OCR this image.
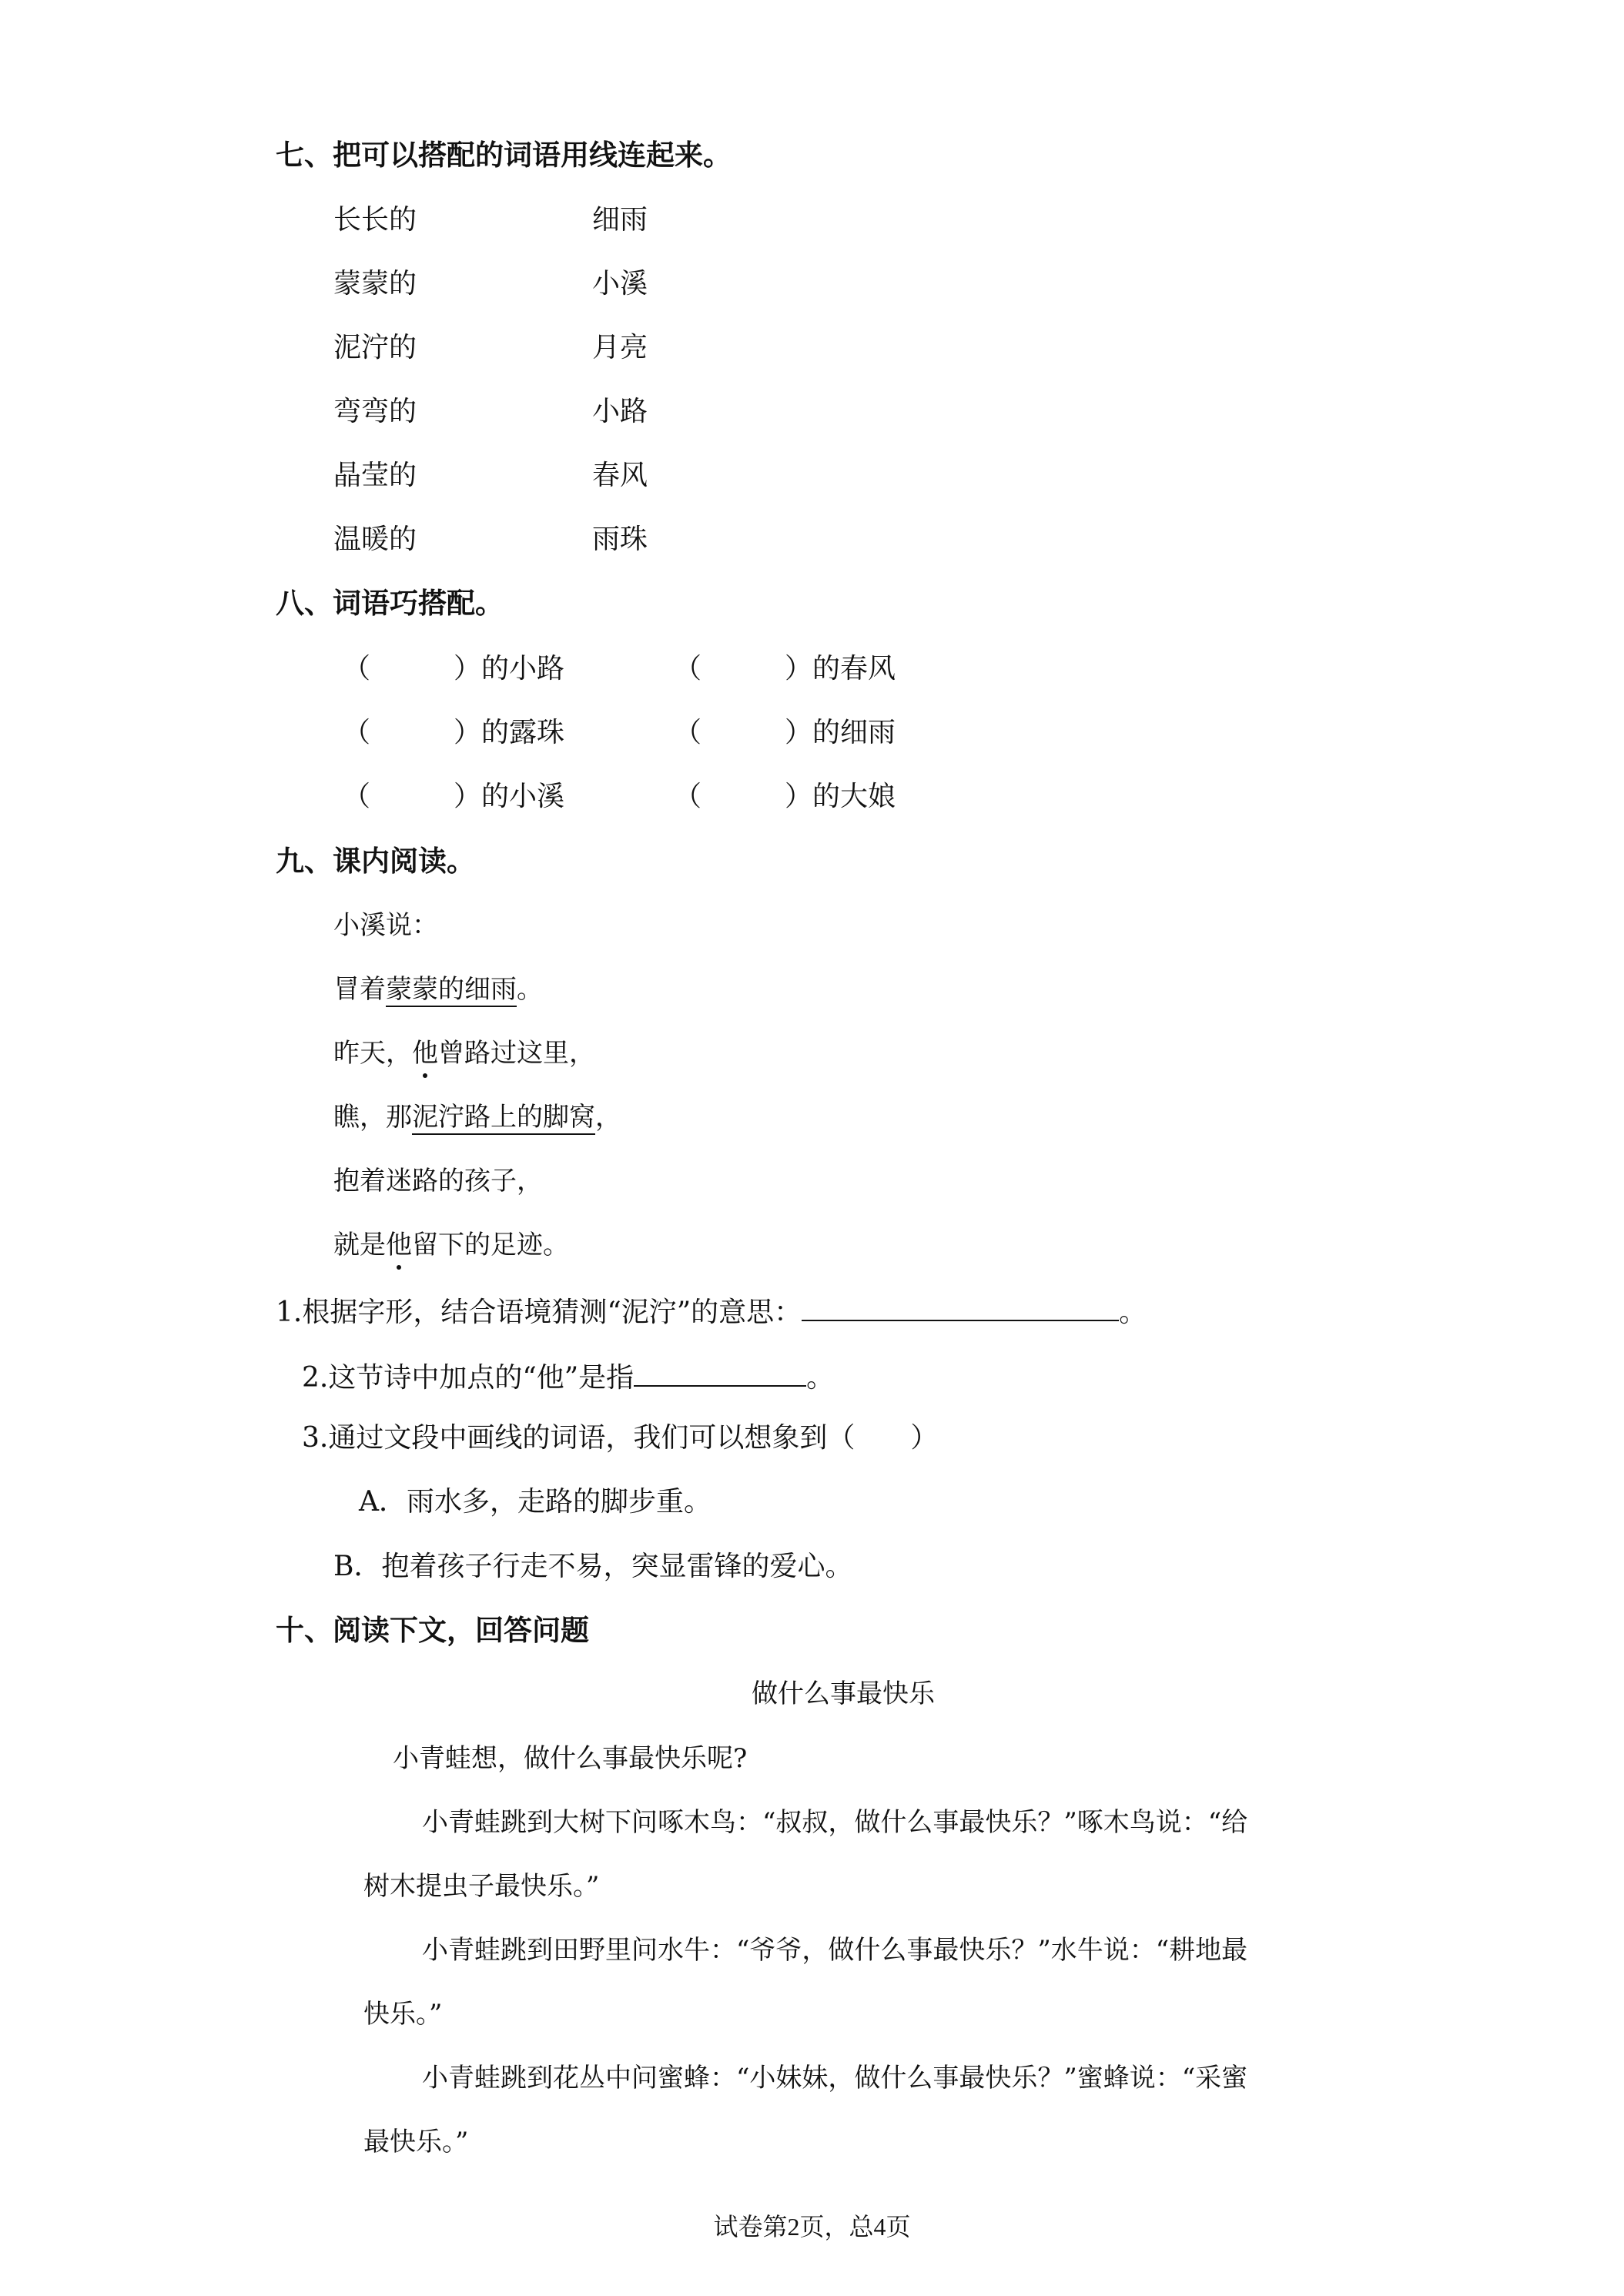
七、把可以搭配的词语用线连起来。
长长的
蒙蒙的
泥泞的
弯弯的
晶莹的
温暖的
细雨
小溪
月亮
小路
春风
雨珠
八、词语巧搭配。
（　　　）的小路
（　　　）的露珠
（　　　）的小溪
（　　　）的春风
（　　　）的细雨
（　　　）的大娘
九、课内阅读。
小溪说：
冒着蒙蒙的细雨。
昨天，他曾路过这里，
瞧，那泥泞路上的脚窝，
抱着迷路的孩子，
就是他留下的足迹。
1.根据字形，结合语境猜测“泥泞”的意思：	。
2.这节诗中加点的“他”是指	。
3.通过文段中画线的词语，我们可以想象到（　　）
A．雨水多，走路的脚步重。
B．抱着孩子行走不易，突显雷锋的爱心。
十、阅读下文，回答问题
做什么事最快乐
小青蛙想，做什么事最快乐呢?
小青蛙跳到大树下问啄木鸟：“叔叔，做什么事最快乐？”啄木鸟说：“给
树木提虫子最快乐。”
小青蛙跳到田野里问水牛：“爷爷，做什么事最快乐？”水牛说：“耕地最
快乐。”
小青蛙跳到花丛中问蜜蜂：“小妹妹，做什么事最快乐？”蜜蜂说：“采蜜
最快乐。”
试卷第2页，总4页
